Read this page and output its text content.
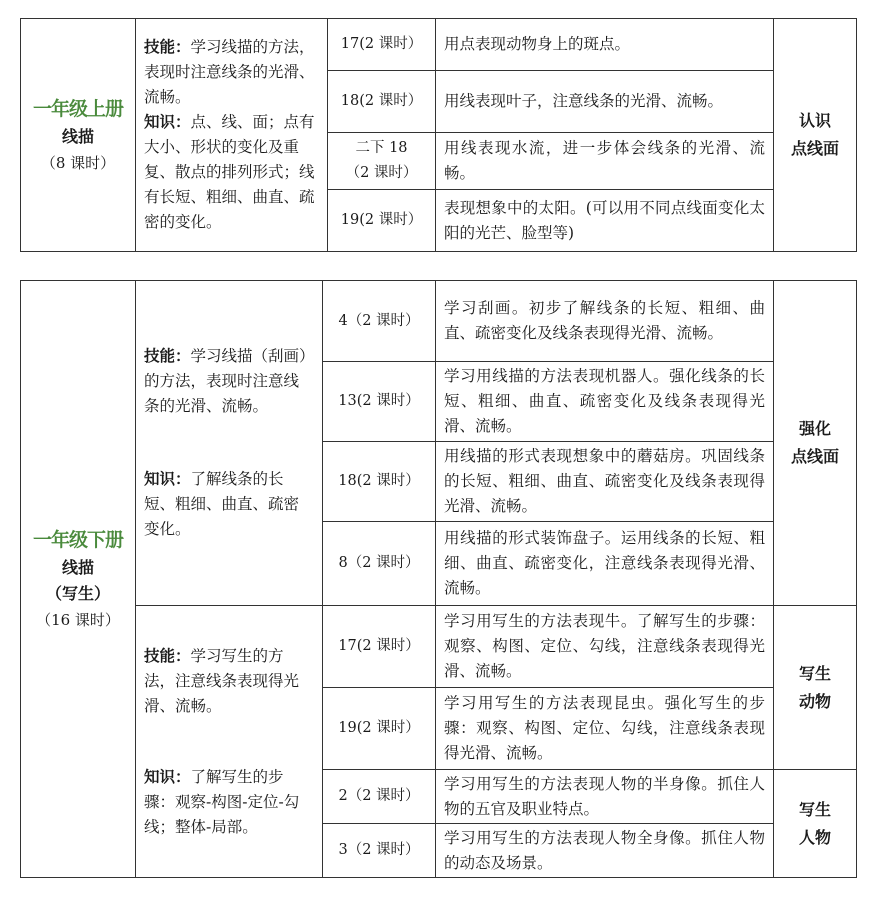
一年级上册
线描
（8 课时）	技能：学习线描的方法，表现时注意线条的光滑、流畅。
知识：点、线、面；点有大小、形状的变化及重复、散点的排列形式；线有长短、粗细、曲直、疏密的变化。	17(2 课时）	用点表现动物身上的斑点。	认识
点线面

		18(2 课时）	用线表现叶子，注意线条的光滑、流畅。	

		二下 18
（2 课时）	用线表现水流，进一步体会线条的光滑、流畅。	
		19(2 课时）	表现想象中的太阳。(可以用不同点线面变化太阳的光芒、脸型等)	
一年级下册
线描
（写生）
（16 课时）	技能：学习线描（刮画）的方法，表现时注意线条的光滑、流畅。
知识：了解线条的长短、粗细、曲直、疏密变化。	4（2 课时）	学习刮画。初步了解线条的长短、粗细、曲直、疏密变化及线条表现得光滑、流畅。	强化
点线面

		13(2 课时）	学习用线描的方法表现机器人。强化线条的长短、粗细、曲直、疏密变化及线条表现得光滑、流畅。	
		18(2 课时）	用线描的形式表现想象中的蘑菇房。巩固线条的长短、粗细、曲直、疏密变化及线条表现得光滑、流畅。	
		8（2 课时）	用线描的形式装饰盘子。运用线条的长短、粗细、曲直、疏密变化，注意线条表现得光滑、流畅。	
	技能：学习写生的方法，注意线条表现得光滑、流畅。
知识：了解写生的步骤：观察-构图-定位-勾线；整体-局部。	17(2 课时）	学习用写生的方法表现牛。了解写生的步骤：观察、构图、定位、勾线，注意线条表现得光滑、流畅。	写生
动物

		19(2 课时）	学习用写生的方法表现昆虫。强化写生的步骤：观察、构图、定位、勾线，注意线条表现得光滑、流畅。	
		2（2 课时）	学习用写生的方法表现人物的半身像。抓住人物的五官及职业特点。	写生
人物

		3（2 课时）	学习用写生的方法表现人物全身像。抓住人物的动态及场景。	
